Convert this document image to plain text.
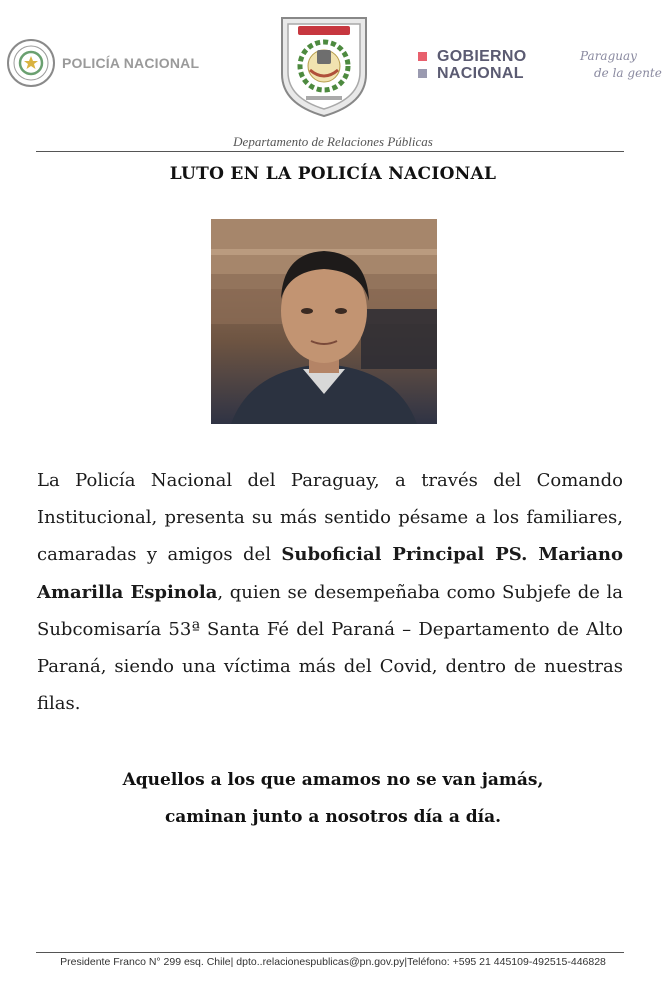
POLICÍA NACIONAL	GOBIERNO
NACIONAL
Paraguay
de la gente
Departamento de Relaciones Públicas
LUTO EN LA POLICÍA NACIONAL
La Policía Nacional del Paraguay, a través del Comando Institucional, presenta su más sentido pésame a los familiares, camaradas y amigos del Suboficial Principal PS. Mariano Amarilla Espinola, quien se desempeñaba como Subjefe de la Subcomisaría 53ª Santa Fé del Paraná – Departamento de Alto Paraná, siendo una víctima más del Covid, dentro de nuestras filas.
Aquellos a los que amamos no se van jamás,
caminan junto a nosotros día a día.
Presidente Franco N° 299 esq. Chile| dpto..relacionespublicas@pn.gov.py|Teléfono: +595 21 445109-492515-446828
